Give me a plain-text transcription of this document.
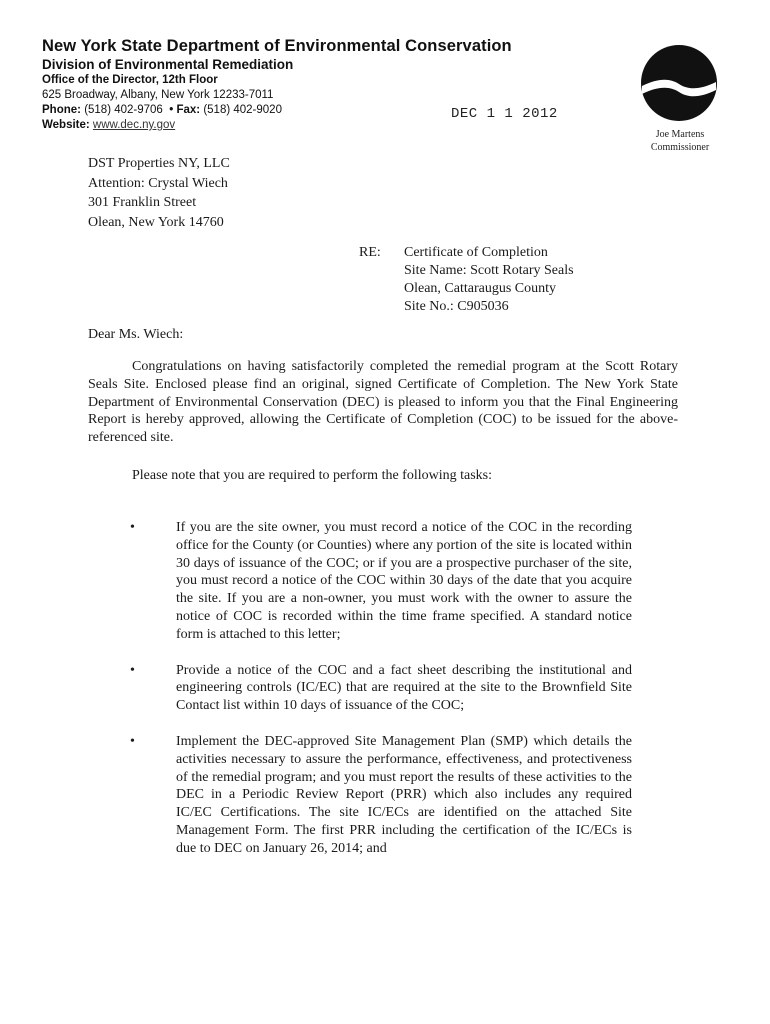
New York State Department of Environmental Conservation
Division of Environmental Remediation
Office of the Director, 12th Floor
625 Broadway, Albany, New York 12233-7011
Phone: (518) 402-9706  • Fax: (518) 402-9020
Website: www.dec.ny.gov
DEC 1 1 2012
Joe Martens
Commissioner
DST Properties NY, LLC
Attention: Crystal Wiech
301 Franklin Street
Olean, New York 14760
RE: Certificate of Completion
Site Name: Scott Rotary Seals
Olean, Cattaraugus County
Site No.: C905036
Dear Ms. Wiech:
Congratulations on having satisfactorily completed the remedial program at the Scott Rotary Seals Site. Enclosed please find an original, signed Certificate of Completion. The New York State Department of Environmental Conservation (DEC) is pleased to inform you that the Final Engineering Report is hereby approved, allowing the Certificate of Completion (COC) to be issued for the above-referenced site.
Please note that you are required to perform the following tasks:
•	If you are the site owner, you must record a notice of the COC in the recording office for the County (or Counties) where any portion of the site is located within 30 days of issuance of the COC; or if you are a prospective purchaser of the site, you must record a notice of the COC within 30 days of the date that you acquire the site. If you are a non-owner, you must work with the owner to assure the notice of COC is recorded within the time frame specified. A standard notice form is attached to this letter;
•	Provide a notice of the COC and a fact sheet describing the institutional and engineering controls (IC/EC) that are required at the site to the Brownfield Site Contact list within 10 days of issuance of the COC;
•	Implement the DEC-approved Site Management Plan (SMP) which details the activities necessary to assure the performance, effectiveness, and protectiveness of the remedial program; and you must report the results of these activities to the DEC in a Periodic Review Report (PRR) which also includes any required IC/EC Certifications. The site IC/ECs are identified on the attached Site Management Form. The first PRR including the certification of the IC/ECs is due to DEC on January 26, 2014; and
